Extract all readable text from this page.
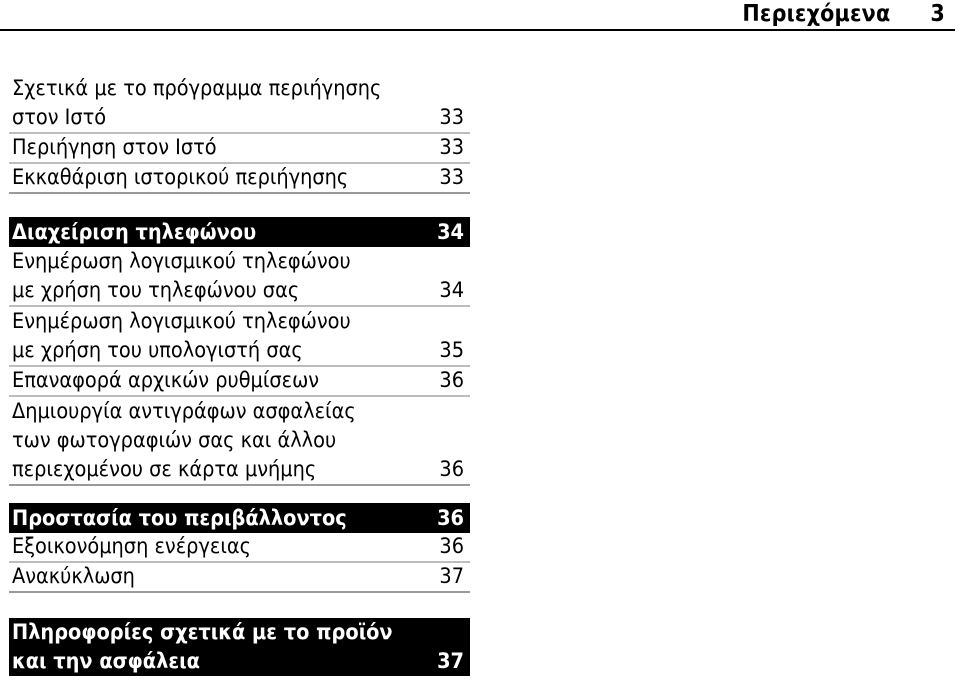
Περιεχόμενα 3
Σχετικά με το πρόγραμμα περιήγησης
στον Ιστό	33
Περιήγηση στον Ιστό	33
Εκκαθάριση ιστορικού περιήγησης	33
Διαχείριση τηλεφώνου	34
Ενημέρωση λογισμικού τηλεφώνου
με χρήση του τηλεφώνου σας	34
Ενημέρωση λογισμικού τηλεφώνου
με χρήση του υπολογιστή σας	35
Επαναφορά αρχικών ρυθμίσεων	36
Δημιουργία αντιγράφων ασφαλείας
των φωτογραφιών σας και άλλου
περιεχομένου σε κάρτα μνήμης	36
Προστασία του περιβάλλοντος	36
Εξοικονόμηση ενέργειας	36
Ανακύκλωση	37
Πληροφορίες σχετικά με το προϊόν
και την ασφάλεια	37
